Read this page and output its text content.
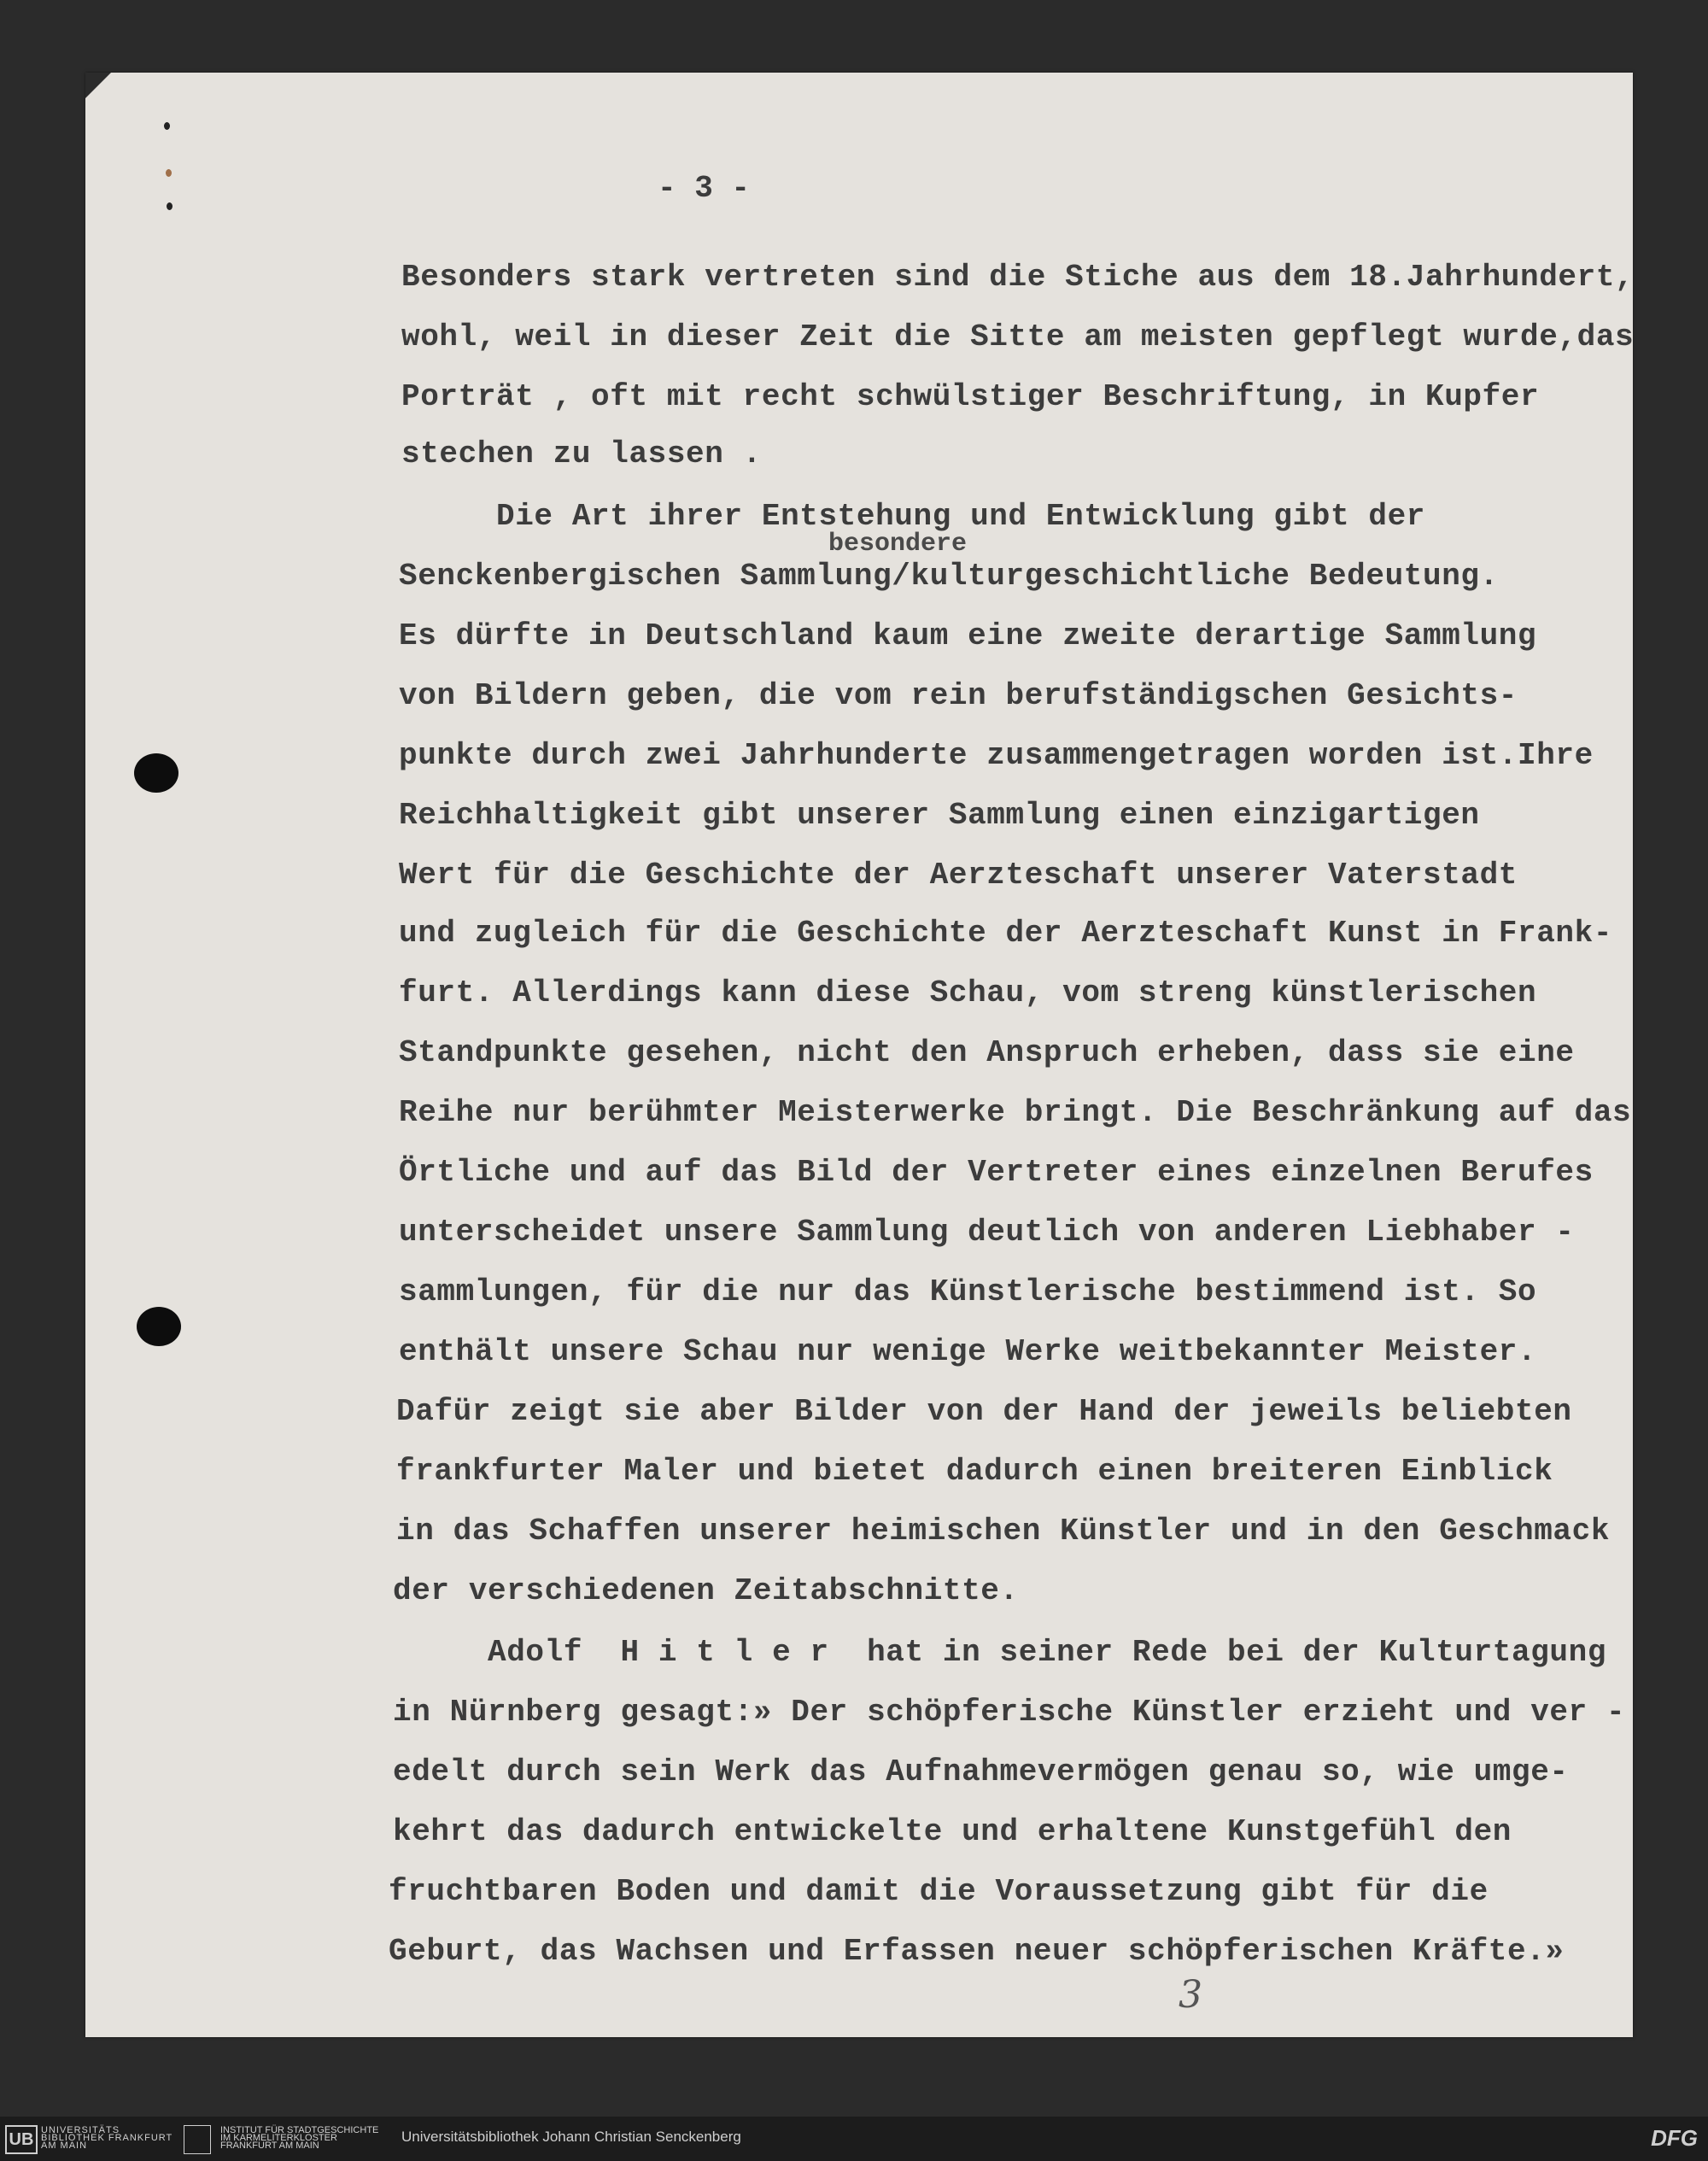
- 3 -

besondere

Besonders stark vertreten sind die Stiche aus dem 18.Jahrhundert,

wohl, weil in dieser Zeit die Sitte am meisten gepflegt wurde,das

Porträt , oft mit recht schwülstiger Beschriftung, in Kupfer

stechen zu lassen .

Die Art ihrer Entstehung und Entwicklung gibt der

Senckenbergischen Sammlung/kulturgeschichtliche Bedeutung.

Es dürfte in Deutschland kaum eine zweite derartige Sammlung

von Bildern geben, die vom rein berufständigschen Gesichts-

punkte durch zwei Jahrhunderte zusammengetragen worden ist.Ihre

Reichhaltigkeit gibt unserer Sammlung einen einzigartigen

Wert für die Geschichte der Aerzteschaft unserer Vaterstadt

und zugleich für die Geschichte der Aerzteschaft Kunst in Frank-

furt. Allerdings kann diese Schau, vom streng künstlerischen

Standpunkte gesehen, nicht den Anspruch erheben, dass sie eine

Reihe nur berühmter Meisterwerke bringt. Die Beschränkung auf das

Örtliche und auf das Bild der Vertreter eines einzelnen Berufes

unterscheidet unsere Sammlung deutlich von anderen Liebhaber -

sammlungen, für die nur das Künstlerische bestimmend ist. So

enthält unsere Schau nur wenige Werke weitbekannter Meister.

Dafür zeigt sie aber Bilder von der Hand der jeweils beliebten

frankfurter Maler und bietet dadurch einen breiteren Einblick

in das Schaffen unserer heimischen Künstler und in den Geschmack

der verschiedenen Zeitabschnitte.

Adolf  H i t l e r  hat in seiner Rede bei der Kulturtagung

in Nürnberg gesagt:» Der schöpferische Künstler erzieht und ver -

edelt durch sein Werk das Aufnahmevermögen genau so, wie umge-

kehrt das dadurch entwickelte und erhaltene Kunstgefühl den

fruchtbaren Boden und damit die Voraussetzung gibt für die

Geburt, das Wachsen und Erfassen neuer schöpferischen Kräfte.»

3

UB UNIVERSITÄTS BIBLIOTHEK FRANKFURT AM MAIN
INSTITUT FÜR STADTGESCHICHTE IM KARMELITERKLOSTER FRANKFURT AM MAIN
Universitätsbibliothek Johann Christian Senckenberg	DFG
